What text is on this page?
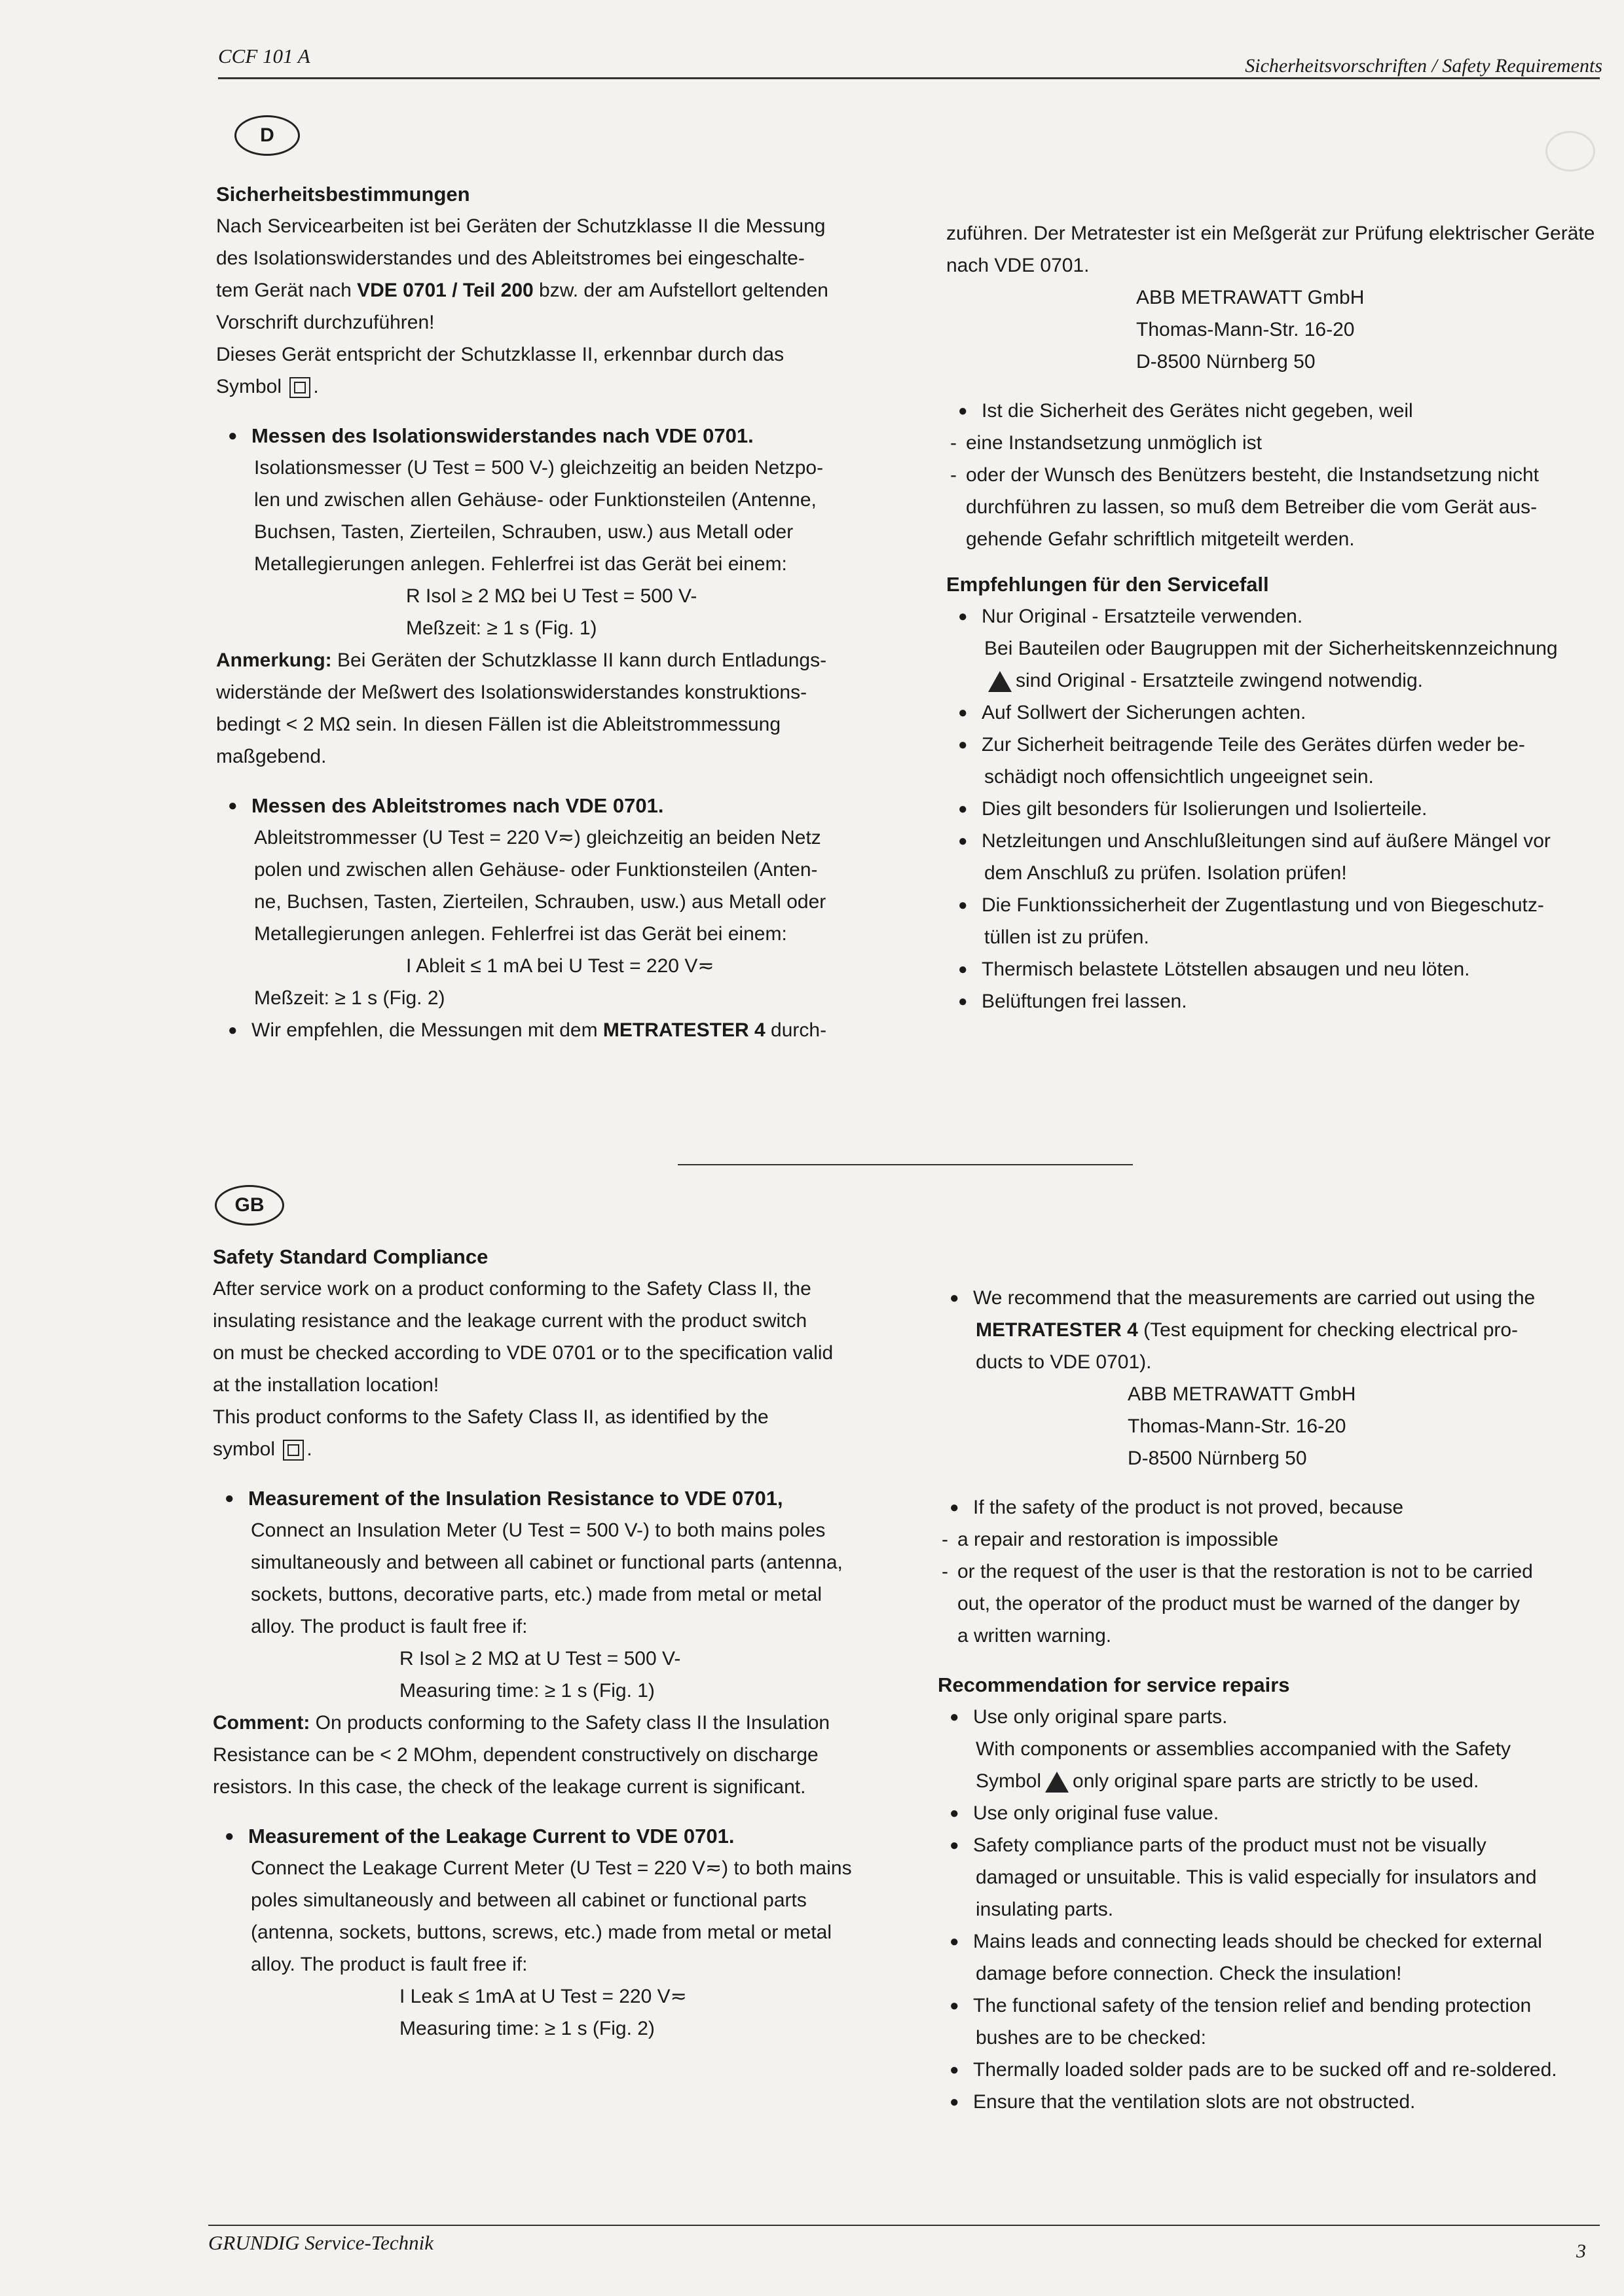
CCF 101 A	Sicherheitsvorschriften / Safety Requirements
D

Sicherheitsbestimmungen

Nach Servicearbeiten ist bei Geräten der Schutzklasse II die Messung

des Isolationswiderstandes und des Ableitstromes bei eingeschalte-

tem Gerät nach VDE 0701 / Teil 200 bzw. der am Aufstellort geltenden

Vorschrift durchzuführen!

Dieses Gerät entspricht der Schutzklasse II, erkennbar durch das

Symbol .

● Messen des Isolationswiderstandes nach VDE 0701.

Isolationsmesser (U Test = 500 V-) gleichzeitig an beiden Netzpo-

len und zwischen allen Gehäuse- oder Funktionsteilen (Antenne,

Buchsen, Tasten, Zierteilen, Schrauben, usw.) aus Metall oder

Metallegierungen anlegen. Fehlerfrei ist das Gerät bei einem:

R Isol ≥ 2 MΩ bei U Test = 500 V-

Meßzeit: ≥ 1 s (Fig. 1)

Anmerkung: Bei Geräten der Schutzklasse II kann durch Entladungs-

widerstände der Meßwert des Isolationswiderstandes konstruktions-

bedingt < 2 MΩ sein. In diesen Fällen ist die Ableitstrommessung

maßgebend.

● Messen des Ableitstromes nach VDE 0701.

Ableitstrommesser (U Test = 220 V≂) gleichzeitig an beiden Netz

polen und zwischen allen Gehäuse- oder Funktionsteilen (Anten-

ne, Buchsen, Tasten, Zierteilen, Schrauben, usw.) aus Metall oder

Metallegierungen anlegen. Fehlerfrei ist das Gerät bei einem:

I Ableit ≤ 1 mA bei U Test = 220 V≂

Meßzeit: ≥ 1 s (Fig. 2)

● Wir empfehlen, die Messungen mit dem METRATESTER 4 durch-

zuführen. Der Metratester ist ein Meßgerät zur Prüfung elektrischer Geräte

nach VDE 0701.

ABB METRAWATT GmbH

Thomas-Mann-Str. 16-20

D-8500 Nürnberg 50

● Ist die Sicherheit des Gerätes nicht gegeben, weil

- eine Instandsetzung unmöglich ist

- oder der Wunsch des Benützers besteht, die Instandsetzung nicht

durchführen zu lassen, so muß dem Betreiber die vom Gerät aus-

gehende Gefahr schriftlich mitgeteilt werden.

Empfehlungen für den Servicefall

● Nur Original - Ersatzteile verwenden.

Bei Bauteilen oder Baugruppen mit der Sicherheitskennzeichnung

sind Original - Ersatzteile zwingend notwendig.

● Auf Sollwert der Sicherungen achten.

● Zur Sicherheit beitragende Teile des Gerätes dürfen weder be-

schädigt noch offensichtlich ungeeignet sein.

● Dies gilt besonders für Isolierungen und Isolierteile.

● Netzleitungen und Anschlußleitungen sind auf äußere Mängel vor

dem Anschluß zu prüfen. Isolation prüfen!

● Die Funktionssicherheit der Zugentlastung und von Biegeschutz-

tüllen ist zu prüfen.

● Thermisch belastete Lötstellen absaugen und neu löten.

● Belüftungen frei lassen.

GB

Safety Standard Compliance

After service work on a product conforming to the Safety Class II, the

insulating resistance and the leakage current with the product switch

on must be checked according to VDE 0701 or to the specification valid

at the installation location!

This product conforms to the Safety Class II, as identified by the

symbol .

● Measurement of the Insulation Resistance to VDE 0701,

Connect an Insulation Meter (U Test = 500 V-) to both mains poles

simultaneously and between all cabinet or functional parts (antenna,

sockets, buttons, decorative parts, etc.) made from metal or metal

alloy. The product is fault free if:

R Isol ≥ 2 MΩ at U Test = 500 V-

Measuring time: ≥ 1 s (Fig. 1)

Comment: On products conforming to the Safety class II the Insulation

Resistance can be < 2 MOhm, dependent constructively on discharge

resistors. In this case, the check of the leakage current is significant.

● Measurement of the Leakage Current to VDE 0701.

Connect the Leakage Current Meter (U Test = 220 V≂) to both mains

poles simultaneously and between all cabinet or functional parts

(antenna, sockets, buttons, screws, etc.) made from metal or metal

alloy. The product is fault free if:

I Leak ≤ 1mA at U Test = 220 V≂

Measuring time: ≥ 1 s (Fig. 2)

● We recommend that the measurements are carried out using the

METRATESTER 4 (Test equipment for checking electrical pro-

ducts to VDE 0701).

ABB METRAWATT GmbH

Thomas-Mann-Str. 16-20

D-8500 Nürnberg 50

● If the safety of the product is not proved, because

- a repair and restoration is impossible

- or the request of the user is that the restoration is not to be carried

out, the operator of the product must be warned of the danger by

a written warning.

Recommendation for service repairs

● Use only original spare parts.

With components or assemblies accompanied with the Safety

Symbol only original spare parts are strictly to be used.

● Use only original fuse value.

● Safety compliance parts of the product must not be visually

damaged or unsuitable. This is valid especially for insulators and

insulating parts.

● Mains leads and connecting leads should be checked for external

damage before connection. Check the insulation!

● The functional safety of the tension relief and bending protection

bushes are to be checked:

● Thermally loaded solder pads are to be sucked off and re-soldered.

● Ensure that the ventilation slots are not obstructed.

GRUNDIG Service-Technik	3
